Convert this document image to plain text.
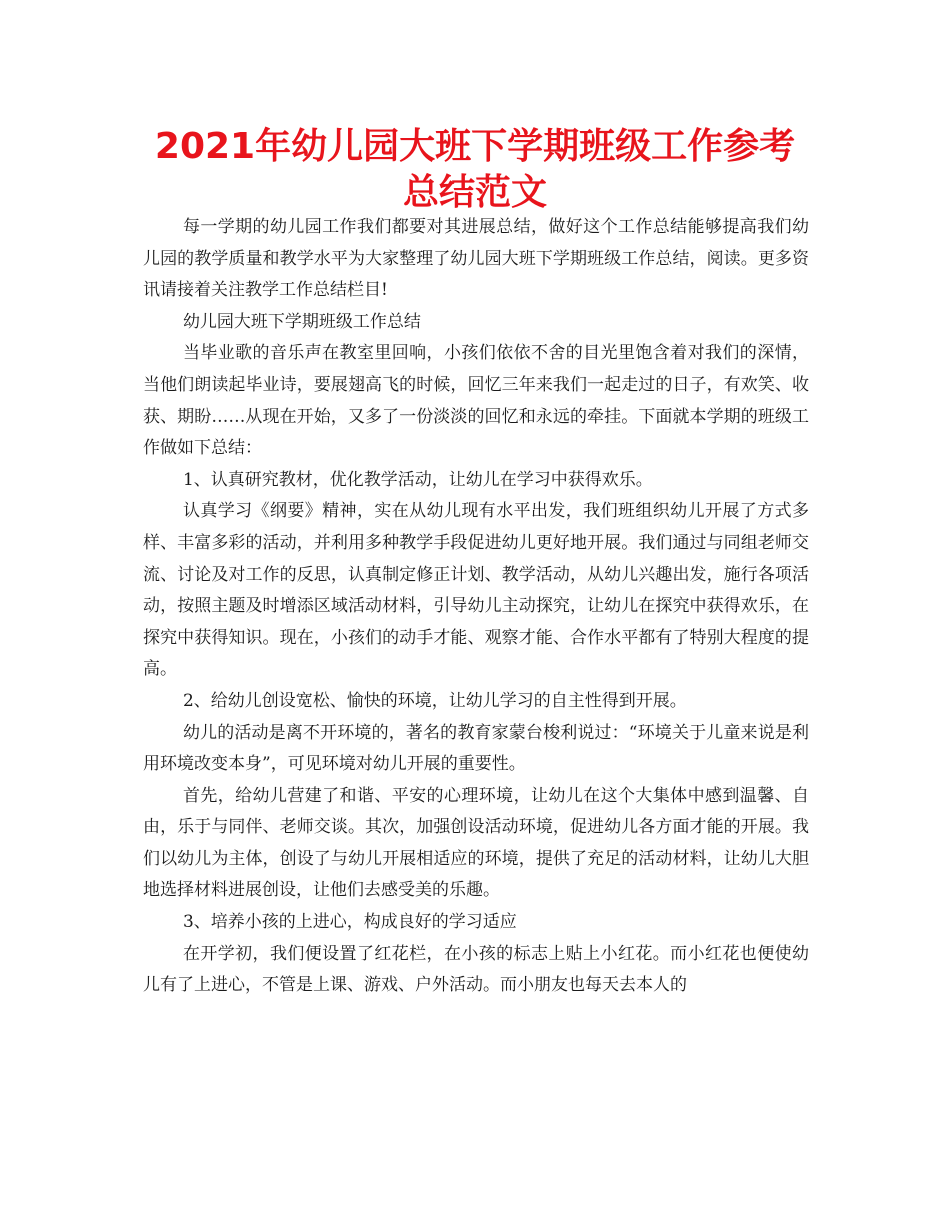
2021年幼儿园大班下学期班级工作参考总结范文

每一学期的幼儿园工作我们都要对其进展总结，做好这个工作总结能够提高我们幼儿园的教学质量和教学水平为大家整理了幼儿园大班下学期班级工作总结，阅读。更多资讯请接着关注教学工作总结栏目!

幼儿园大班下学期班级工作总结

当毕业歌的音乐声在教室里回响，小孩们依依不舍的目光里饱含着对我们的深情，当他们朗读起毕业诗，要展翅高飞的时候，回忆三年来我们一起走过的日子，有欢笑、收获、期盼……从现在开始，又多了一份淡淡的回忆和永远的牵挂。下面就本学期的班级工作做如下总结：

1、认真研究教材，优化教学活动，让幼儿在学习中获得欢乐。

认真学习《纲要》精神，实在从幼儿现有水平出发，我们班组织幼儿开展了方式多样、丰富多彩的活动，并利用多种教学手段促进幼儿更好地开展。我们通过与同组老师交流、讨论及对工作的反思，认真制定修正计划、教学活动，从幼儿兴趣出发，施行各项活动，按照主题及时增添区域活动材料，引导幼儿主动探究，让幼儿在探究中获得欢乐，在探究中获得知识。现在，小孩们的动手才能、观察才能、合作水平都有了特别大程度的提高。

2、给幼儿创设宽松、愉快的环境，让幼儿学习的自主性得到开展。

幼儿的活动是离不开环境的，著名的教育家蒙台梭利说过：“环境关于儿童来说是利用环境改变本身”，可见环境对幼儿开展的重要性。

首先，给幼儿营建了和谐、平安的心理环境，让幼儿在这个大集体中感到温馨、自由，乐于与同伴、老师交谈。其次，加强创设活动环境，促进幼儿各方面才能的开展。我们以幼儿为主体，创设了与幼儿开展相适应的环境，提供了充足的活动材料，让幼儿大胆地选择材料进展创设，让他们去感受美的乐趣。

3、培养小孩的上进心，构成良好的学习适应

在开学初，我们便设置了红花栏，在小孩的标志上贴上小红花。而小红花也便使幼儿有了上进心，不管是上课、游戏、户外活动。而小朋友也每天去本人的
